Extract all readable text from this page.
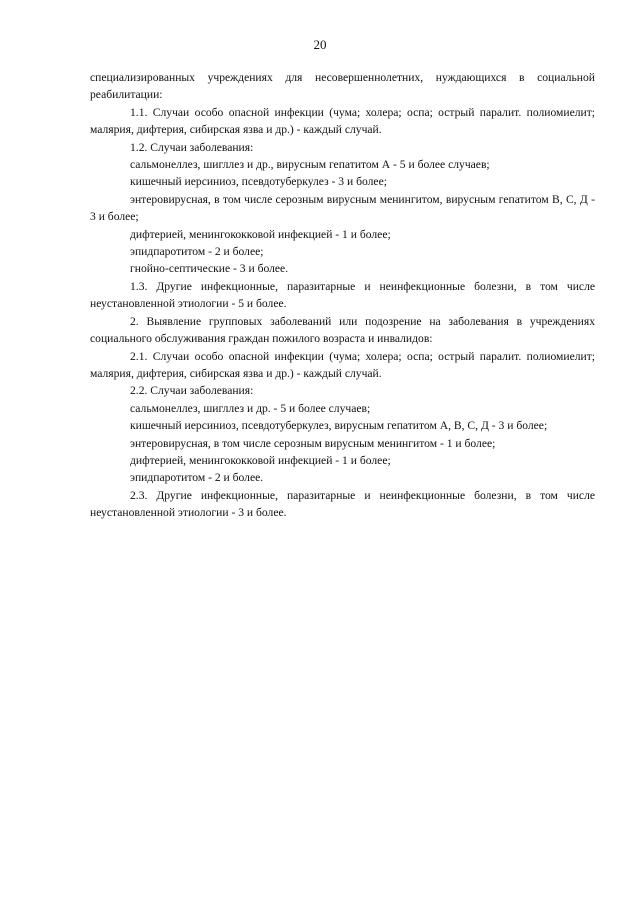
20

специализированных учреждениях для несовершеннолетних, нуждающихся в социальной реабилитации:

1.1. Случаи особо опасной инфекции (чума; холера; оспа; острый паралит. полиомиелит; малярия, дифтерия, сибирская язва и др.) - каждый случай.

1.2. Случаи заболевания:

сальмонеллез, шигллез и др., вирусным гепатитом А - 5 и более случаев;

кишечный иерсиниоз, псевдотуберкулез - 3 и более;

энтеровирусная, в том числе серозным вирусным менингитом, вирусным гепатитом В, С, Д - 3 и более;

дифтерией, менингококковой инфекцией - 1 и более;

эпидпаротитом - 2 и более;

гнойно-септические - 3 и более.

1.3. Другие инфекционные, паразитарные и неинфекционные болезни, в том числе неустановленной этиологии - 5 и более.

2. Выявление групповых заболеваний или подозрение на заболевания в учреждениях социального обслуживания граждан пожилого возраста и инвалидов:

2.1. Случаи особо опасной инфекции (чума; холера; оспа; острый паралит. полиомиелит; малярия, дифтерия, сибирская язва и др.) - каждый случай.

2.2. Случаи заболевания:

сальмонеллез, шигллез и др. - 5 и более случаев;

кишечный иерсиниоз, псевдотуберкулез, вирусным гепатитом А, В, С, Д - 3 и более;

энтеровирусная, в том числе серозным вирусным менингитом - 1 и более;

дифтерией, менингококковой инфекцией - 1 и более;

эпидпаротитом - 2 и более.

2.3. Другие инфекционные, паразитарные и неинфекционные болезни, в том числе неустановленной этиологии - 3 и более.
